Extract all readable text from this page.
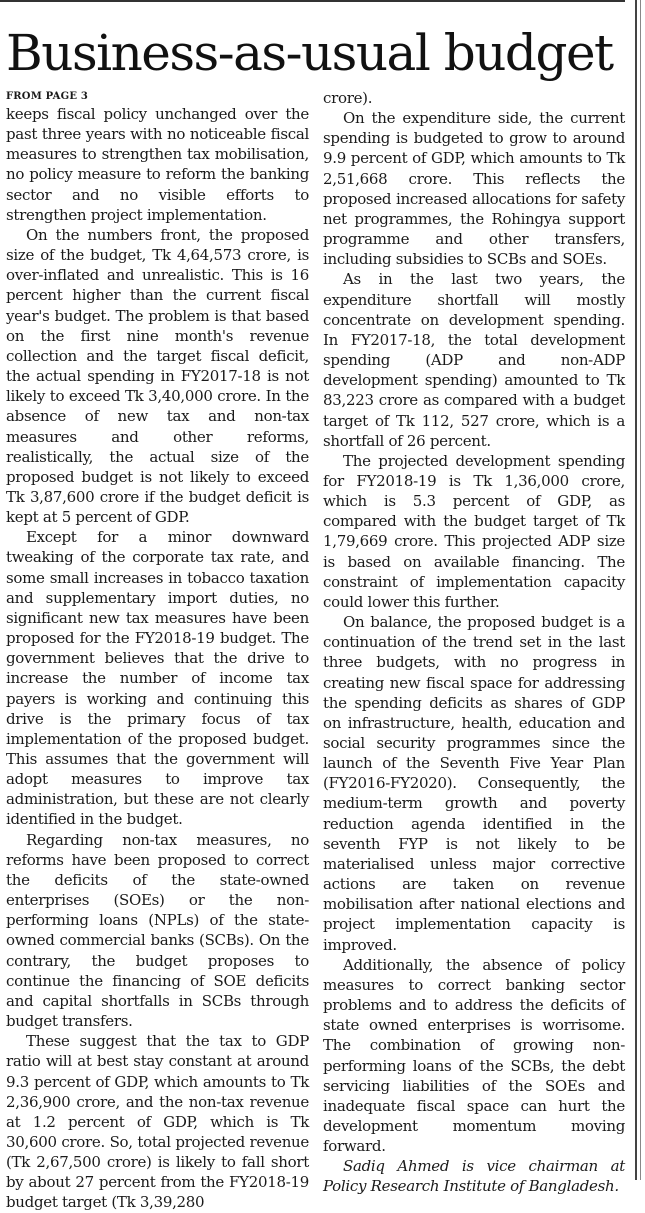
Business-as-usual budget
FROM PAGE 3

keeps fiscal policy unchanged over the past three years with no noticeable fiscal measures to strengthen tax mobilisation, no policy measure to reform the banking sector and no visible efforts to strengthen project implementation.

On the numbers front, the proposed size of the budget, Tk 4,64,573 crore, is over-inflated and unrealistic. This is 16 percent higher than the current fiscal year's budget. The problem is that based on the first nine month's revenue collection and the target fiscal deficit, the actual spending in FY2017-18 is not likely to exceed Tk 3,40,000 crore. In the absence of new tax and non-tax measures and other reforms, realistically, the actual size of the proposed budget is not likely to exceed Tk 3,87,600 crore if the budget deficit is kept at 5 percent of GDP.

Except for a minor downward tweaking of the corporate tax rate, and some small increases in tobacco taxation and supplementary import duties, no significant new tax measures have been proposed for the FY2018-19 budget. The government believes that the drive to increase the number of income tax payers is working and continuing this drive is the primary focus of tax implementation of the proposed budget. This assumes that the government will adopt measures to improve tax administration, but these are not clearly identified in the budget.

Regarding non-tax measures, no reforms have been proposed to correct the deficits of the state-owned enterprises (SOEs) or the non-performing loans (NPLs) of the state-owned commercial banks (SCBs). On the contrary, the budget proposes to continue the financing of SOE deficits and capital shortfalls in SCBs through budget transfers.

These suggest that the tax to GDP ratio will at best stay constant at around 9.3 percent of GDP, which amounts to Tk 2,36,900 crore, and the non-tax revenue at 1.2 percent of GDP, which is Tk 30,600 crore. So, total projected revenue (Tk 2,67,500 crore) is likely to fall short by about 27 percent from the FY2018-19 budget target (Tk 3,39,280

crore).

On the expenditure side, the current spending is budgeted to grow to around 9.9 percent of GDP, which amounts to Tk 2,51,668 crore. This reflects the proposed increased allocations for safety net programmes, the Rohingya support programme and other transfers, including subsidies to SCBs and SOEs.

As in the last two years, the expenditure shortfall will mostly concentrate on development spending. In FY2017-18, the total development spending (ADP and non-ADP development spending) amounted to Tk 83,223 crore as compared with a budget target of Tk 112, 527 crore, which is a shortfall of 26 percent.

The projected development spending for FY2018-19 is Tk 1,36,000 crore, which is 5.3 percent of GDP, as compared with the budget target of Tk 1,79,669 crore. This projected ADP size is based on available financing. The constraint of implementation capacity could lower this further.

On balance, the proposed budget is a continuation of the trend set in the last three budgets, with no progress in creating new fiscal space for addressing the spending deficits as shares of GDP on infrastructure, health, education and social security programmes since the launch of the Seventh Five Year Plan (FY2016-FY2020). Consequently, the medium-term growth and poverty reduction agenda identified in the seventh FYP is not likely to be materialised unless major corrective actions are taken on revenue mobilisation after national elections and project implementation capacity is improved.

Additionally, the absence of policy measures to correct banking sector problems and to address the deficits of state owned enterprises is worrisome. The combination of growing non-performing loans of the SCBs, the debt servicing liabilities of the SOEs and inadequate fiscal space can hurt the development momentum moving forward.

Sadiq Ahmed is vice chairman at Policy Research Institute of Bangladesh.
